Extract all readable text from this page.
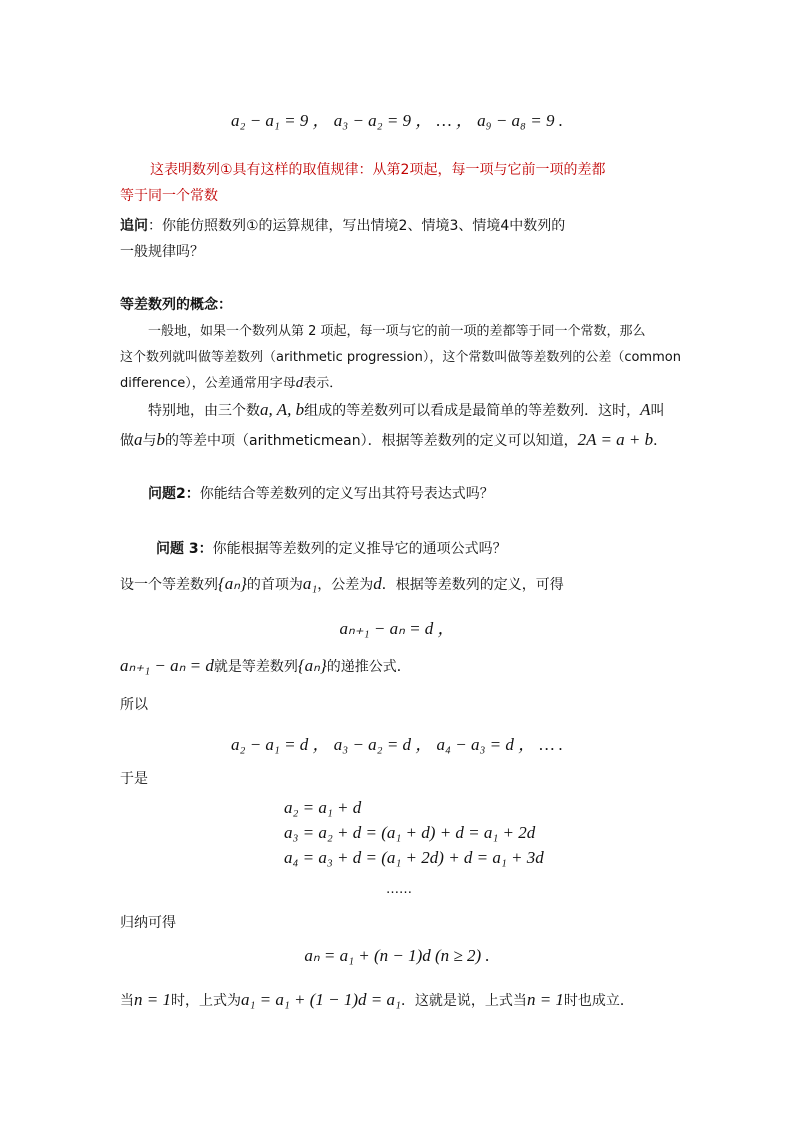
a₂ − a₁ = 9 ， a₃ − a₂ = 9 ， … ， a₉ − a₈ = 9 .
这表明数列①具有这样的取值规律：从第2项起，每一项与它前一项的差都
等于同一个常数
追问：你能仿照数列①的运算规律，写出情境2、情境3、情境4中数列的
一般规律吗？
等差数列的概念：
一般地，如果一个数列从第 2 项起，每一项与它的前一项的差都等于同一个常数，那么
这个数列就叫做等差数列（arithmetic progression），这个常数叫做等差数列的公差（common
difference），公差通常用字母d表示．
特别地，由三个数a, A, b组成的等差数列可以看成是最简单的等差数列．这时，A叫
做a与b的等差中项（arithmeticmean）．根据等差数列的定义可以知道，2A = a + b．
问题2：你能结合等差数列的定义写出其符号表达式吗？
问题 3：你能根据等差数列的定义推导它的通项公式吗？
设一个等差数列{aₙ}的首项为a₁，公差为d．根据等差数列的定义，可得
aₙ₊₁ − aₙ = d ，
aₙ₊₁ − aₙ = d就是等差数列{aₙ}的递推公式．
所以
a₂ − a₁ = d ， a₃ − a₂ = d ， a₄ − a₃ = d ， … .
于是
a₂ = a₁ + d
a₃ = a₂ + d = (a₁ + d) + d = a₁ + 2d
a₄ = a₃ + d = (a₁ + 2d) + d = a₁ + 3d
……
归纳可得
aₙ = a₁ + (n − 1)d (n ≥ 2) .
当n = 1时，上式为a₁ = a₁ + (1 − 1)d = a₁．这就是说，上式当n = 1时也成立．
